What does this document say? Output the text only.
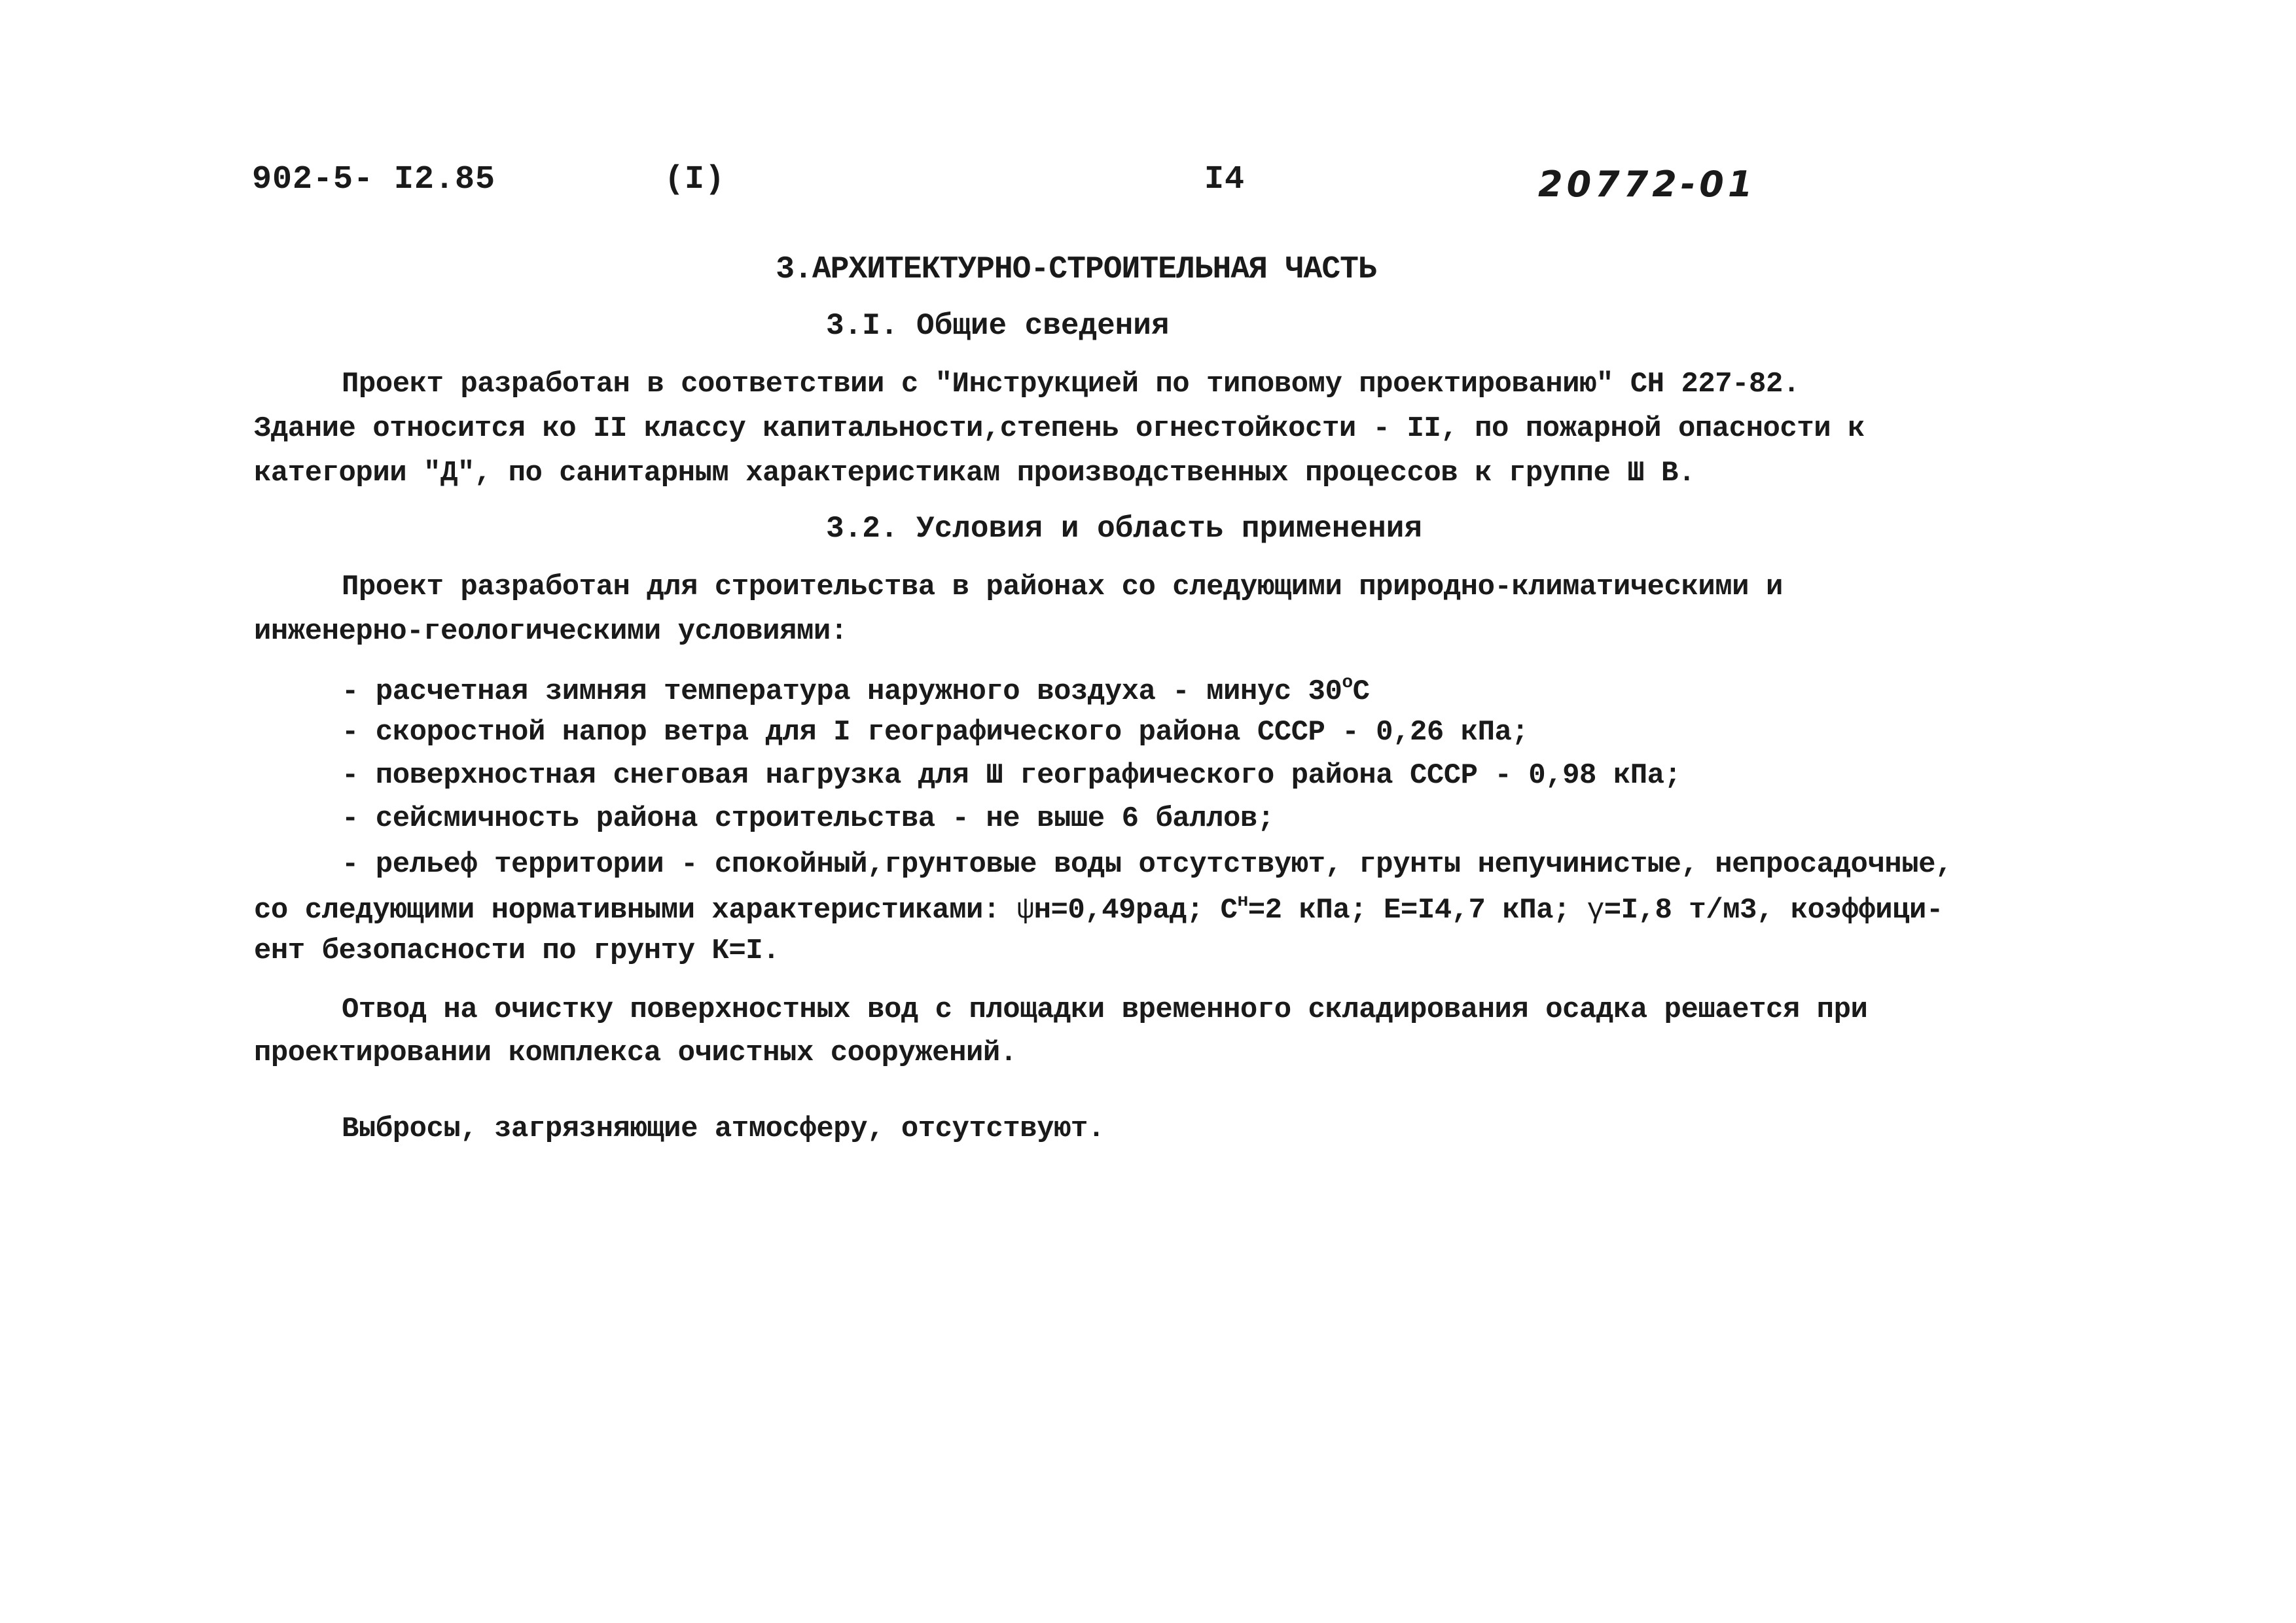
902-5- I2.85	(I)	I4	20772-01
3.АРХИТЕКТУРНО-СТРОИТЕЛЬНАЯ ЧАСТЬ
3.I. Общие сведения
Проект разработан в соответствии с "Инструкцией по типовому проектированию" СН 227-82.
Здание относится ко II классу капитальности,степень огнестойкости - II, по пожарной опасности к
категории "Д", по санитарным характеристикам производственных процессов к группе Ш В.
3.2. Условия и область применения
Проект разработан для строительства в районах со следующими природно-климатическими и
инженерно-геологическими условиями:
- расчетная зимняя температура наружного воздуха - минус 30$^o$С
- скоростной напор ветра для I географического района СССР - 0,26 кПа;
- поверхностная снеговая нагрузка для Ш географического района СССР - 0,98 кПа;
- сейсмичность района строительства - не выше 6 баллов;
- рельеф территории - спокойный,грунтовые воды отсутствуют, грунты непучинистые, непросадочные,
со следующими нормативными характеристиками: ψн=0,49рад; $С^н=2$ кПа; Е=I4,7 кПа; γ=I,8 т/м3, коэффици-
ент безопасности по грунту К=I.
Отвод на очистку поверхностных вод с площадки временного складирования осадка решается при
проектировании комплекса очистных сооружений.
Выбросы, загрязняющие атмосферу, отсутствуют.
